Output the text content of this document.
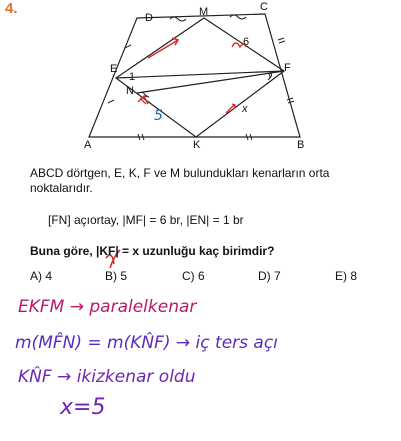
4.
A	B
C
D
E
K
F
M
N
6
1
x
5
ABCD dörtgen, E, K, F ve M bulundukları kenarların orta noktalarıdır.
[FN] açıortay, |MF| = 6 br, |EN| = 1 br
Buna göre, |KF| = x uzunluğu kaç birimdir?
A) 4	B) 5	C) 6	D) 7	E) 8
EKFM → paralelkenar
m(MF̂N) = m(KN̂F) → iç ters açı
KN̂F → ikizkenar oldu
x=5
